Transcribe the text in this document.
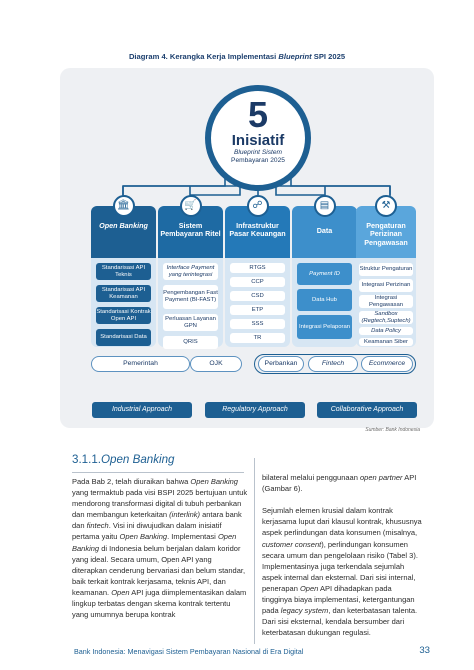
Diagram 4. Kerangka Kerja Implementasi Blueprint SPI 2025
5
Inisiatif
Blueprint Sistem
Pembayaran 2025
Open Banking
🏛
Standarisasi API Teknis
Standarisasi API Keamanan
Standarisasi Kontrak Open API
Standarisasi Data
Sistem Pembayaran Ritel
🛒
Interface Payment yang terintegrasi
Pengembangan Fast Payment (BI-FAST)
Perluasan Layanan GPN
QRIS
Infrastruktur Pasar Keuangan
☍
RTGS
CCP
CSD
ETP
SSS
TR
Data
▤
Payment ID
Data Hub
Integrasi Pelaporan
Pengaturan Perizinan Pengawasan
⚒
Struktur Pengaturan
Integrasi Perizinan
Integrasi Pengawasan
Sandbox (Regtech,Suptech)
Data Policy
Keamanan Siber
Pemerintah	OJK	Perbankan	Fintech	Ecommerce
Industrial Approach	Regulatory Approach	Collaborative Approach
Sumber: Bank Indonesia
3.1.1.Open Banking
Pada Bab 2, telah diuraikan bahwa Open Banking yang termaktub pada visi BSPI 2025 bertujuan untuk mendorong transformasi digital di tubuh perbankan dan membangun keterkaitan (interlink) antara bank dan fintech. Visi ini diwujudkan dalam inisiatif pertama yaitu Open Banking. Implementasi Open Banking di Indonesia belum berjalan dalam koridor yang ideal. Secara umum, Open API yang diterapkan cenderung bervariasi dan belum standar, baik terkait kontrak kerjasama, teknis API, dan keamanan. Open API juga diimplementasikan dalam lingkup terbatas dengan skema kontrak tertentu yang umumnya berupa kontrak
bilateral melalui penggunaan open partner API (Gambar 6).

Sejumlah elemen krusial dalam kontrak kerjasama luput dari klausul kontrak, khususnya aspek perlindungan data konsumen (misalnya, customer consent), perlindungan konsumen secara umum dan pengelolaan risiko (Tabel 3). Implementasinya juga terkendala sejumlah aspek internal dan eksternal. Dari sisi internal, penerapan Open API dihadapkan pada tingginya biaya implementasi, ketergantungan pada legacy system, dan keterbatasan talenta. Dari sisi eksternal, kendala bersumber dari keterbatasan dukungan regulasi.
Bank Indonesia: Menavigasi Sistem Pembayaran Nasional di Era Digital	33
